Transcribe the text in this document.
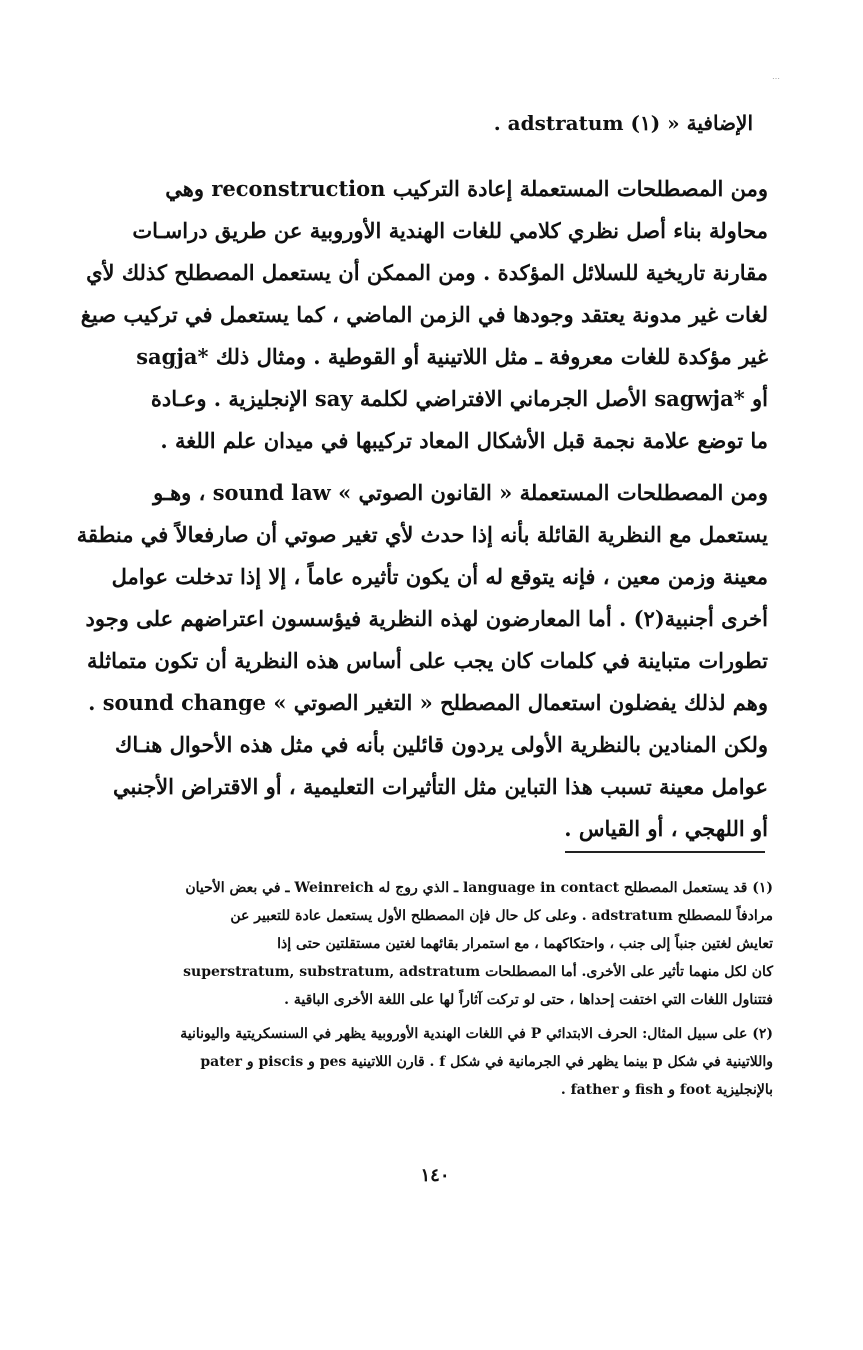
⋯
الإضافية « (١) adstratum .
ومن المصطلحات المستعملة إعادة التركيب reconstruction وهي
محاولة بناء أصل نظري كلامي للغات الهندية الأوروبية عن طريق دراسـات
مقارنة تاريخية للسلائل المؤكدة . ومن الممكن أن يستعمل المصطلح كذلك لأي
لغات غير مدونة يعتقد وجودها في الزمن الماضي ، كما يستعمل في تركيب صيغ
غير مؤكدة للغات معروفة ـ مثل اللاتينية أو القوطية . ومثال ذلك *sagja
أو *sagwja الأصل الجرماني الافتراضي لكلمة say الإنجليزية . وعـادة
ما توضع علامة نجمة قبل الأشكال المعاد تركيبها في ميدان علم اللغة .
ومن المصطلحات المستعملة « القانون الصوتي » sound law ، وهـو
يستعمل مع النظرية القائلة بأنه إذا حدث لأي تغير صوتي أن صارفعالاً في منطقة
معينة وزمن معين ، فإنه يتوقع له أن يكون تأثيره عاماً ، إلا إذا تدخلت عوامل
أخرى أجنبية(٢) . أما المعارضون لهذه النظرية فيؤسسون اعتراضهم على وجود
تطورات متباينة في كلمات كان يجب على أساس هذه النظرية أن تكون متماثلة
وهم لذلك يفضلون استعمال المصطلح « التغير الصوتي » sound change .
ولكن المنادين بالنظرية الأولى يردون قائلين بأنه في مثل هذه الأحوال هنـاك
عوامل معينة تسبب هذا التباين مثل التأثيرات التعليمية ، أو الاقتراض الأجنبي
أو اللهجي ، أو القياس .
(١) قد يستعمل المصطلح language in contact ـ الذي روج له Weinreich ـ في بعض الأحيان
مرادفاً للمصطلح adstratum . وعلى كل حال فإن المصطلح الأول يستعمل عادة للتعبير عن
تعايش لغتين جنباً إلى جنب ، واحتكاكهما ، مع استمرار بقائهما لغتين مستقلتين حتى إذا
كان لكل منهما تأثير على الأخرى. أما المصطلحات superstratum, substratum, adstratum
فتتناول اللغات التي اختفت إحداها ، حتى لو تركت آثاراً لها على اللغة الأخرى الباقية .
(٢) على سبيل المثال: الحرف الابتدائي P في اللغات الهندية الأوروبية يظهر في السنسكريتية واليونانية
واللاتينية في شكل p بينما يظهر في الجرمانية في شكل f . قارن اللاتينية pes و piscis و pater
بالإنجليزية foot و fish و father .
١٤٠
